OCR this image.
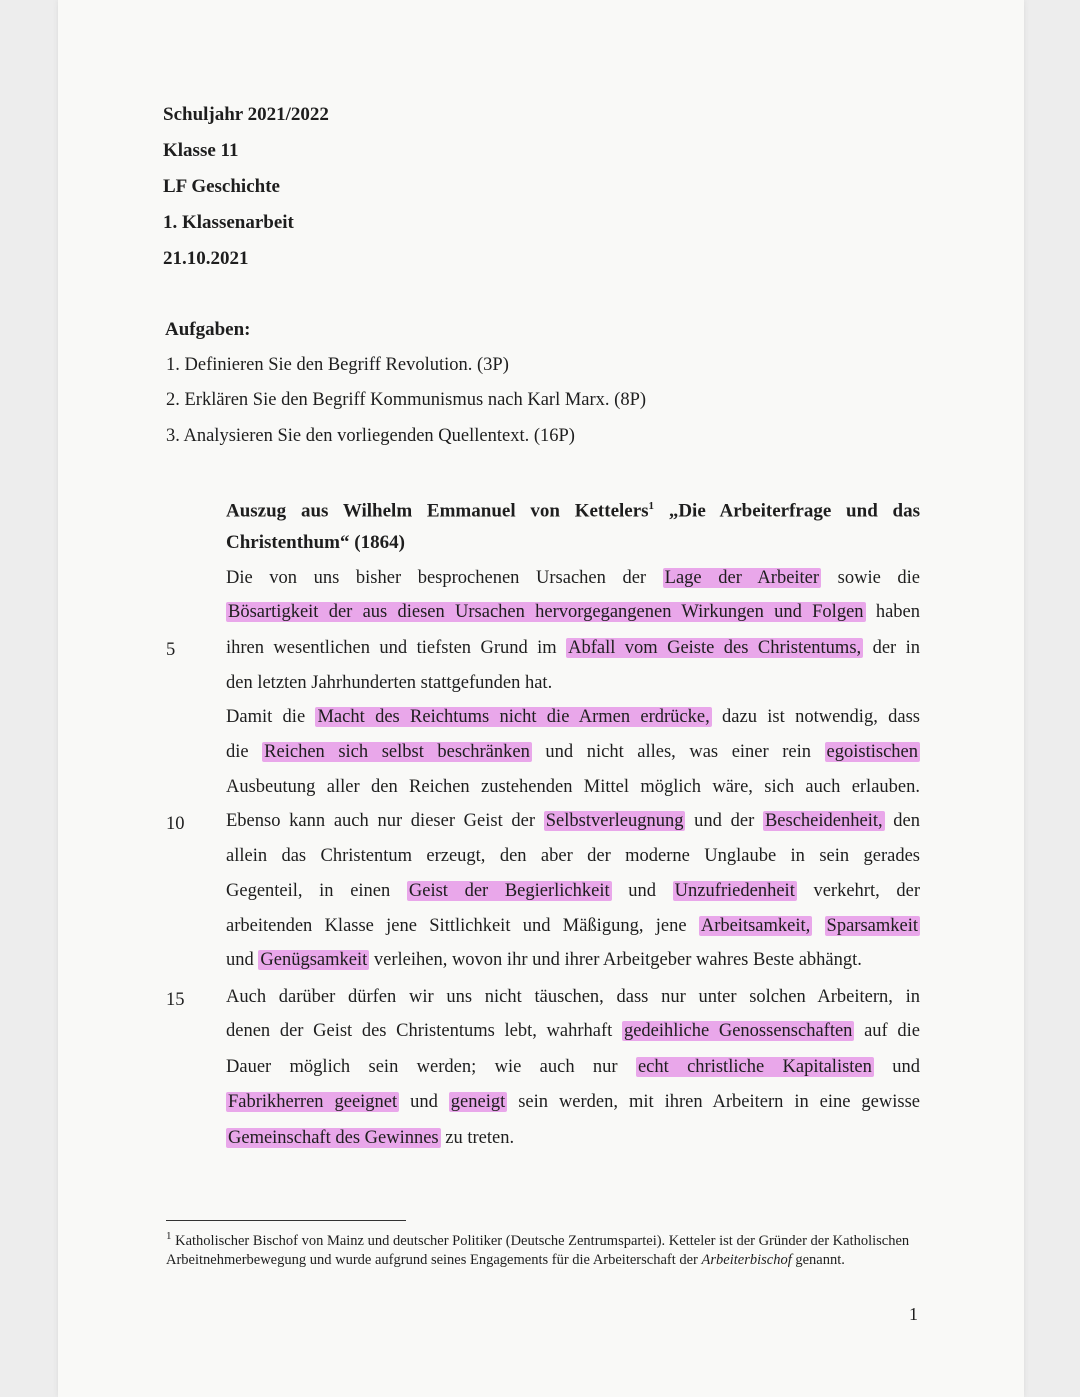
Schuljahr 2021/2022
Klasse 11
LF Geschichte
1. Klassenarbeit
21.10.2021
Aufgaben:
1. Definieren Sie den Begriff Revolution. (3P)
2. Erklären Sie den Begriff Kommunismus nach Karl Marx. (8P)
3. Analysieren Sie den vorliegenden Quellentext. (16P)
Auszug aus Wilhelm Emmanuel von Kettelers$^1$ „Die Arbeiterfrage und das
Christenthum“ (1864)
Die von uns bisher besprochenen Ursachen der Lage der Arbeiter sowie die
Bösartigkeit der aus diesen Ursachen hervorgegangenen Wirkungen und Folgen haben
ihren wesentlichen und tiefsten Grund im Abfall vom Geiste des Christentums, der in
den letzten Jahrhunderten stattgefunden hat.
Damit die Macht des Reichtums nicht die Armen erdrücke, dazu ist notwendig, dass
die Reichen sich selbst beschränken und nicht alles, was einer rein egoistischen
Ausbeutung aller den Reichen zustehenden Mittel möglich wäre, sich auch erlauben.
Ebenso kann auch nur dieser Geist der Selbstverleugnung und der Bescheidenheit, den
allein das Christentum erzeugt, den aber der moderne Unglaube in sein gerades
Gegenteil, in einen Geist der Begierlichkeit und Unzufriedenheit verkehrt, der
arbeitenden Klasse jene Sittlichkeit und Mäßigung, jene Arbeitsamkeit, Sparsamkeit
und Genügsamkeit verleihen, wovon ihr und ihrer Arbeitgeber wahres Beste abhängt.
Auch darüber dürfen wir uns nicht täuschen, dass nur unter solchen Arbeitern, in
denen der Geist des Christentums lebt, wahrhaft gedeihliche Genossenschaften auf die
Dauer möglich sein werden; wie auch nur echt christliche Kapitalisten und
Fabrikherren geeignet und geneigt sein werden, mit ihren Arbeitern in eine gewisse
Gemeinschaft des Gewinnes zu treten.
5
10
15
$^1$ Katholischer Bischof von Mainz und deutscher Politiker (Deutsche Zentrumspartei). Ketteler ist der Gründer der Katholischen Arbeitnehmerbewegung und wurde aufgrund seines Engagements für die Arbeiterschaft der Arbeiterbischof genannt.
1
